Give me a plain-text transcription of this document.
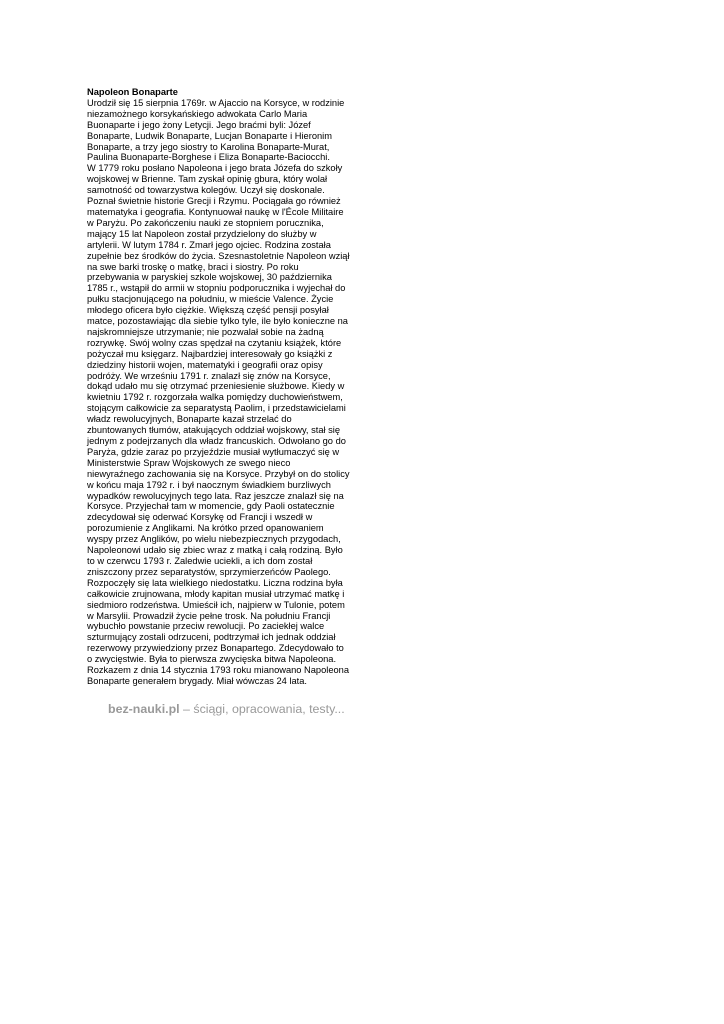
Napoleon Bonaparte
Urodził się 15 sierpnia 1769r. w Ajaccio na Korsyce, w rodzinie
niezamożnego korsykańskiego adwokata Carlo Maria
Buonaparte i jego żony Letycji. Jego braćmi byli: Józef
Bonaparte, Ludwik Bonaparte, Lucjan Bonaparte i Hieronim
Bonaparte, a trzy jego siostry to Karolina Bonaparte-Murat,
Paulina Buonaparte-Borghese i Eliza Bonaparte-Baciocchi.
W 1779 roku posłano Napoleona i jego brata Józefa do szkoły
wojskowej w Brienne. Tam zyskał opinię gbura, który wolał
samotność od towarzystwa kolegów. Uczył się doskonale.
Poznał świetnie historie Grecji i Rzymu. Pociągała go również
matematyka i geografia. Kontynuował naukę w l'École Militaire
w Paryżu. Po zakończeniu nauki ze stopniem porucznika,
mający 15 lat Napoleon został przydzielony do służby w
artylerii. W lutym 1784 r. Zmarł jego ojciec. Rodzina została
zupełnie bez środków do życia. Szesnastoletnie Napoleon wziął
na swe barki troskę o matkę, braci i siostry. Po roku
przebywania w paryskiej szkole wojskowej, 30 października
1785 r., wstąpił do armii w stopniu podporucznika i wyjechał do
pułku stacjonującego na południu, w mieście Valence. Życie
młodego oficera było ciężkie. Większą część pensji posyłał
matce, pozostawiając dla siebie tylko tyle, ile było konieczne na
najskromniejsze utrzymanie; nie pozwalał sobie na żadną
rozrywkę. Swój wolny czas spędzał na czytaniu książek, które
pożyczał mu księgarz. Najbardziej interesowały go książki z
dziedziny historii wojen, matematyki i geografii oraz opisy
podróży. We wrześniu 1791 r. znalazł się znów na Korsyce,
dokąd udało mu się otrzymać przeniesienie służbowe. Kiedy w
kwietniu 1792 r. rozgorzała walka pomiędzy duchowieństwem,
stojącym całkowicie za separatystą Paolim, i przedstawicielami
władz rewolucyjnych, Bonaparte kazał strzelać do
zbuntowanych tłumów, atakujących oddział wojskowy, stał się
jednym z podejrzanych dla władz francuskich. Odwołano go do
Paryża, gdzie zaraz po przyjeździe musiał wytłumaczyć się w
Ministerstwie Spraw Wojskowych ze swego nieco
niewyraźnego zachowania się na Korsyce. Przybył on do stolicy
w końcu maja 1792 r. i był naocznym świadkiem burzliwych
wypadków rewolucyjnych tego lata. Raz jeszcze znalazł się na
Korsyce. Przyjechał tam w momencie, gdy Paoli ostatecznie
zdecydował się oderwać Korsykę od Francji i wszedł w
porozumienie z Anglikami. Na krótko przed opanowaniem
wyspy przez Anglików, po wielu niebezpiecznych przygodach,
Napoleonowi udało się zbiec wraz z matką i całą rodziną. Było
to w czerwcu 1793 r. Zaledwie uciekli, a ich dom został
zniszczony przez separatystów, sprzymierzeńców Paolego.
Rozpoczęły się lata wielkiego niedostatku. Liczna rodzina była
całkowicie zrujnowana, młody kapitan musiał utrzymać matkę i
siedmioro rodzeństwa. Umieścił ich, najpierw w Tulonie, potem
w Marsylii. Prowadził życie pełne trosk. Na południu Francji
wybuchło powstanie przeciw rewolucji. Po zaciekłej walce
szturmujący zostali odrzuceni, podtrzymał ich jednak oddział
rezerwowy przywiedziony przez Bonapartego. Zdecydowało to
o zwycięstwie. Była to pierwsza zwycięska bitwa Napoleona.
Rozkazem z dnia 14 stycznia 1793 roku mianowano Napoleona
Bonaparte generałem brygady. Miał wówczas 24 lata.
bez-nauki.pl – ściągi, opracowania, testy...
